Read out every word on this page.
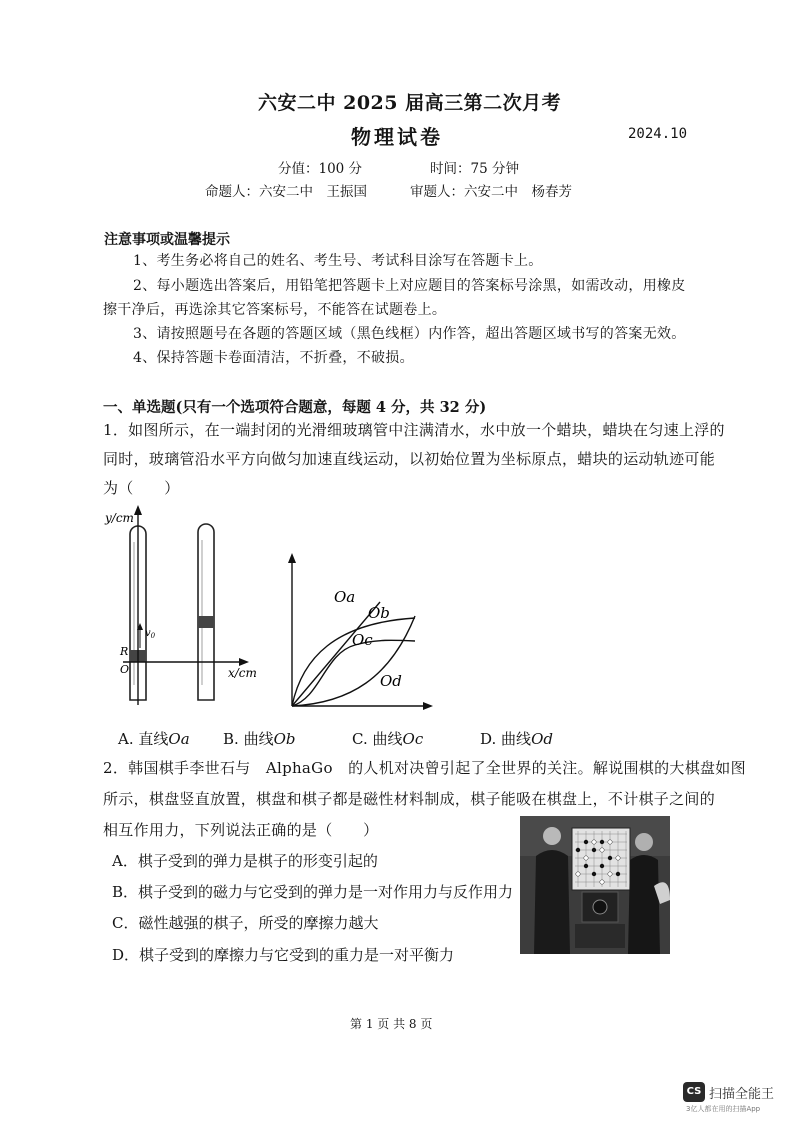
六安二中 2025 届高三第二次月考
物理试卷	2024.10
分值：100 分	时间：75 分钟
命题人：六安二中　王振国	审题人：六安二中　杨春芳
注意事项或温馨提示
1、考生务必将自己的姓名、考生号、考试科目涂写在答题卡上。
2、每小题选出答案后，用铅笔把答题卡上对应题目的答案标号涂黑，如需改动，用橡皮
擦干净后，再选涂其它答案标号，不能答在试题卷上。
3、请按照题号在各题的答题区域（黑色线框）内作答，超出答题区域书写的答案无效。
4、保持答题卡卷面清洁，不折叠，不破损。
一、单选题(只有一个选项符合题意，每题 4 分，共 32 分)
1．如图所示，在一端封闭的光滑细玻璃管中注满清水，水中放一个蜡块，蜡块在匀速上浮的
同时，玻璃管沿水平方向做匀加速直线运动，以初始位置为坐标原点，蜡块的运动轨迹可能
为（　　）
$v_0$
y/cm
R
O	x/cm
Oa
Ob
Oc
Od
A. 直线Oa B. 曲线Ob	C. 曲线Oc	D. 曲线Od
2．韩国棋手李世石与　AlphaGo　的人机对决曾引起了全世界的关注。解说围棋的大棋盘如图
所示，棋盘竖直放置，棋盘和棋子都是磁性材料制成，棋子能吸在棋盘上，不计棋子之间的
相互作用力，下列说法正确的是（　　）
A．棋子受到的弹力是棋子的形变引起的
B．棋子受到的磁力与它受到的弹力是一对作用力与反作用力
C．磁性越强的棋子，所受的摩擦力越大
D．棋子受到的摩擦力与它受到的重力是一对平衡力
第 1 页 共 8 页
CS 扫描全能王
3亿人都在用的扫描App
